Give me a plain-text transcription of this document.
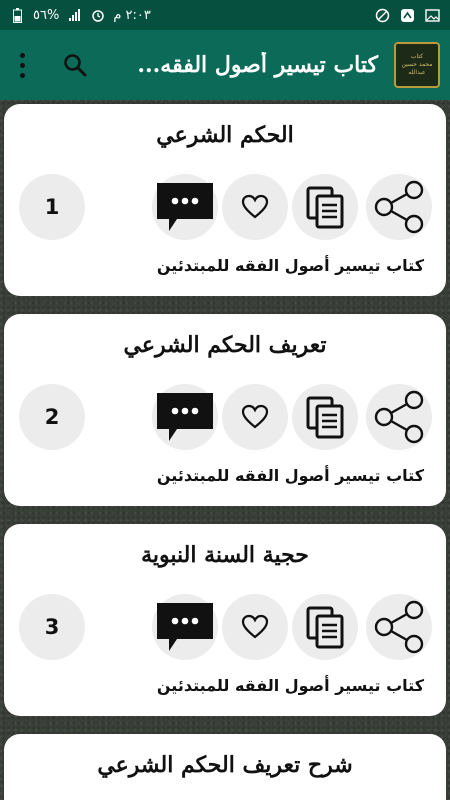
٢:٠٣ م
%٥٦
كتاب تيسير أصول الفقه...	كتاب
محمد حسين عبدالله
الحكم الشرعي
1
كتاب تيسير أصول الفقه للمبتدئين
تعريف الحكم الشرعي
2
كتاب تيسير أصول الفقه للمبتدئين
حجية السنة النبوية
3
كتاب تيسير أصول الفقه للمبتدئين
شرح تعريف الحكم الشرعي
